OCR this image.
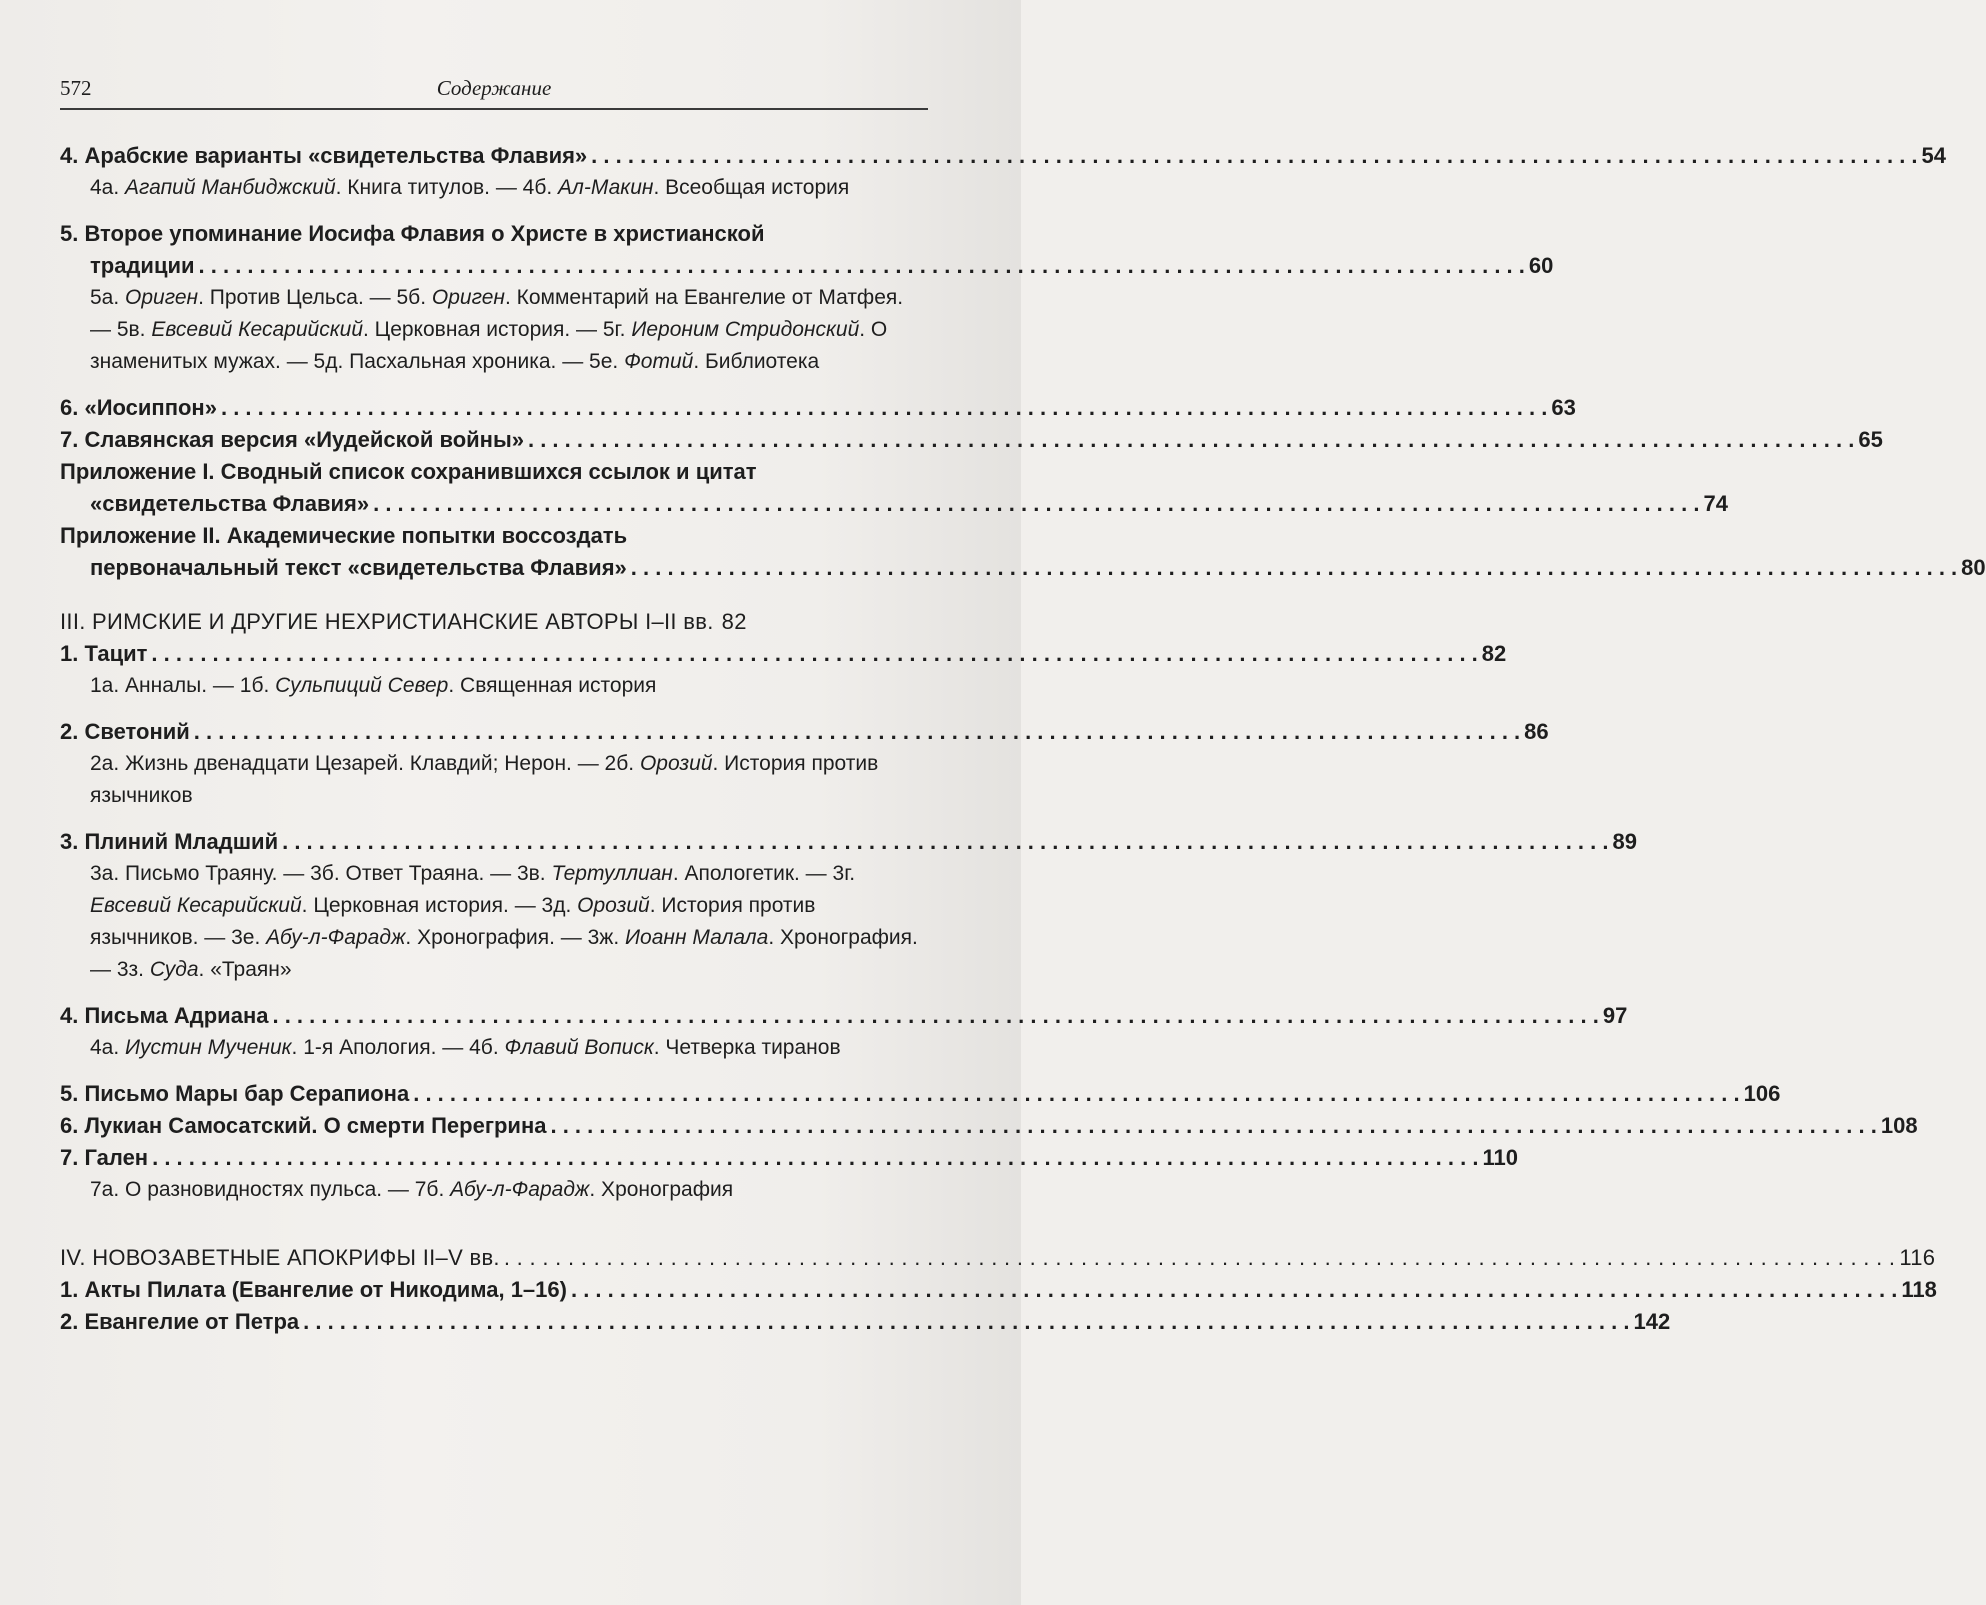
572	Содержание
4. Арабские варианты «свидетельства Флавия» . . .	54
4а. Агапий Манбиджский. Книга титулов. — 4б. Ал-Макин. Всеобщая история
5. Второе упоминание Иосифа Флавия о Христе в христианской
традиции . . .	60
5а. Ориген. Против Цельса. — 5б. Ориген. Комментарий на Евангелие от Матфея. — 5в. Евсевий Кесарийский. Церковная история. — 5г. Иероним Стридонский. О знаменитых мужах. — 5д. Пасхальная хроника. — 5е. Фотий. Библиотека
6. «Иосиппон» . . .	63
7. Славянская версия «Иудейской войны» . . .	65
Приложение I. Сводный список сохранившихся ссылок и цитат
«свидетельства Флавия» . . .	74
Приложение II. Академические попытки воссоздать
первоначальный текст «свидетельства Флавия» . . .	80
III. РИМСКИЕ И ДРУГИЕ НЕХРИСТИАНСКИЕ АВТОРЫ I–II вв. 82
1. Тацит . . .	82
1а. Анналы. — 1б. Сульпиций Север. Священная история
2. Светоний . . .	86
2а. Жизнь двенадцати Цезарей. Клавдий; Нерон. — 2б. Орозий. История против язычников
3. Плиний Младший . . .	89
3а. Письмо Траяну. — 3б. Ответ Траяна. — 3в. Тертуллиан. Апологетик. — 3г. Евсевий Кесарийский. Церковная история. — 3д. Орозий. История против язычников. — 3е. Абу-л-Фарадж. Хронография. — 3ж. Иоанн Малала. Хронография. — 3з. Суда. «Траян»
4. Письма Адриана . . .	97
4а. Иустин Мученик. 1-я Апология. — 4б. Флавий Вописк. Четверка тиранов
5. Письмо Мары бар Серапиона . . .	106
6. Лукиан Самосатский. О смерти Перегрина . . .	108
7. Гален . . .	110
7а. О разновидностях пульса. — 7б. Абу-л-Фарадж. Хронография
IV. НОВОЗАВЕТНЫЕ АПОКРИФЫ II–V вв. . . .	116
1. Акты Пилата (Евангелие от Никодима, 1–16) . . .	118
2. Евангелие от Петра . . .	142
